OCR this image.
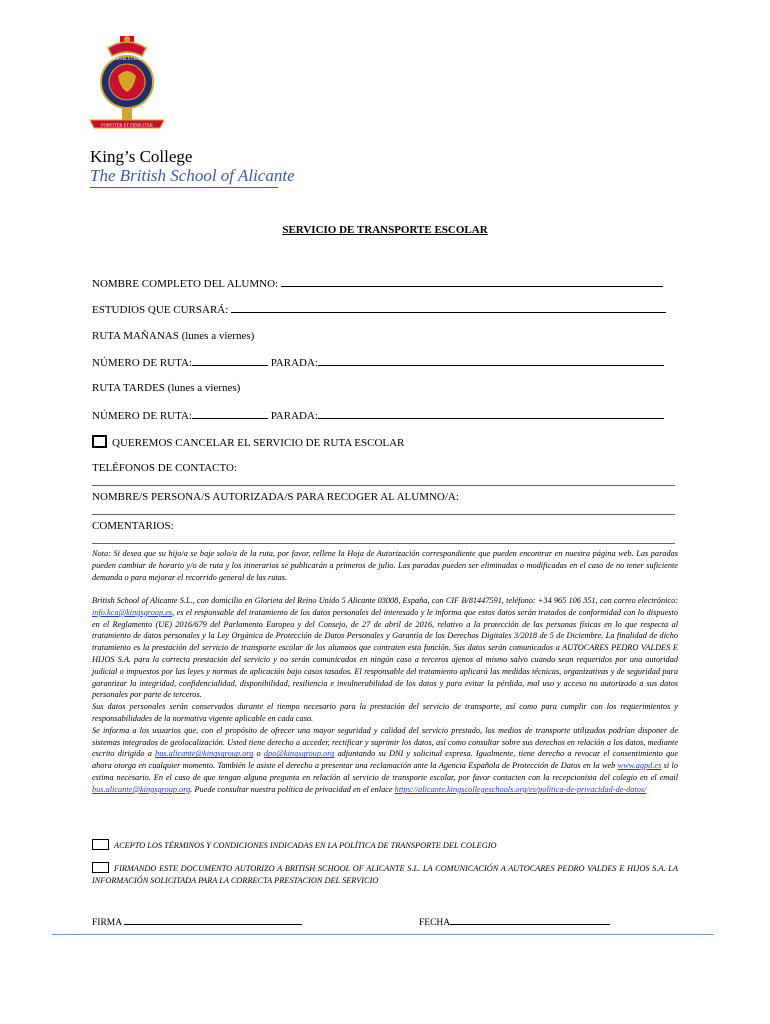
FORTITER ET FIDELITER
HONOURABLE LEARNING
King’s College
The British School of Alicante
SERVICIO DE TRANSPORTE ESCOLAR
NOMBRE COMPLETO DEL ALUMNO:
ESTUDIOS QUE CURSARÁ:
RUTA MAÑANAS (lunes a viernes)
NÚMERO DE RUTA:	PARADA:
RUTA TARDES (lunes a viernes)
NÚMERO DE RUTA:	PARADA:
QUEREMOS CANCELAR EL SERVICIO DE RUTA ESCOLAR
TELÉFONOS DE CONTACTO:
NOMBRE/S PERSONA/S AUTORIZADA/S PARA RECOGER AL ALUMNO/A:
COMENTARIOS:

Nota: Si desea que su hijo/a se baje solo/a de la ruta, por favor, rellene la Hoja de Autorización correspondiente que pueden encontrar en nuestra página web. Las paradas pueden cambiar de horario y/o de ruta y los itinerarios se publicarán a primeros de julio. Las paradas pueden ser eliminadas o modificadas en el caso de no tener suficiente demanda o para mejorar el recorrido general de las rutas.

British School of Alicante S.L., con domicilio en Glorieta del Reino Unido 5 Alicante 03008, España, con CIF B/81447591, teléfono: +34 965 106 351, con correo electrónico: info.kca@kingsgroup.es, es el responsable del tratamiento de los datos personales del interesado y le informa que estos datos serán tratados de conformidad con lo dispuesto en el Reglamento (UE) 2016/679 del Parlamento Europeo y del Consejo, de 27 de abril de 2016, relativo a la protección de las personas físicas en lo que respecta al tratamiento de datos personales y la Ley Orgánica de Protección de Datos Personales y Garantía de los Derechos Digitales 3/2018 de 5 de Diciembre. La finalidad de dicho tratamiento es la prestación del servicio de transporte escolar de los alumnos que contraten esta función. Sus datos serán comunicados a AUTOCARES PEDRO VALDES E HIJOS S.A. para la correcta prestación del servicio y no serán comunicados en ningún caso a terceros ajenos al mismo salvo cuando sean requeridos por una autoridad judicial o impuestos por las leyes y normas de aplicación bajo casos tasados. El responsable del tratamiento aplicará las medidas técnicas, organizativas y de seguridad para garantizar la integridad, confidencialidad, disponibilidad, resiliencia e invulnerabilidad de los datos y para evitar la pérdida, mal uso y acceso no autorizado a sus datos personales por parte de terceros.

Sus datos personales serán conservados durante el tiempo necesario para la prestación del servicio de transporte, así como para cumplir con los requerimientos y responsabilidades de la normativa vigente aplicable en cada caso.

Se informa a los usuarios que, con el propósito de ofrecer una mayor seguridad y calidad del servicio prestado, los medios de transporte utilizados podrían disponer de sistemas integrados de geolocalización. Usted tiene derecho a acceder, rectificar y suprimir los datos, así como consultar sobre sus derechos en relación a los datos, mediante escrito dirigido a bus.alicante@kingsgroup.org o dpo@kingsgroup.org adjuntando su DNI y solicitud expresa. Igualmente, tiene derecho a revocar el consentimiento que ahora otorga en cualquier momento. También le asiste el derecho a presentar una reclamación ante la Agencia Española de Protección de Datos en la web www.agpd.es si lo estima necesario. En el caso de que tengan alguna pregunta en relación al servicio de transporte escolar, por favor contacten con la recepcionista del colegio en el email bus.alicante@kingsgroup.org. Puede consultar nuestra política de privacidad en el enlace https://alicante.kingscollegeschools.org/es/politica-de-privacidad-de-datos/

ACEPTO LOS TÉRMINOS Y CONDICIONES INDICADAS EN LA POLÍTICA DE TRANSPORTE DEL COLEGIO
FIRMANDO ESTE DOCUMENTO AUTORIZO A BRITISH SCHOOL OF ALICANTE S.L. LA COMUNICACIÓN A AUTOCARES PEDRO VALDES E HIJOS S.A. LA INFORMACIÓN SOLICITADA PARA LA CORRECTA PRESTACION DEL SERVICIO
FIRMA	FECHA
